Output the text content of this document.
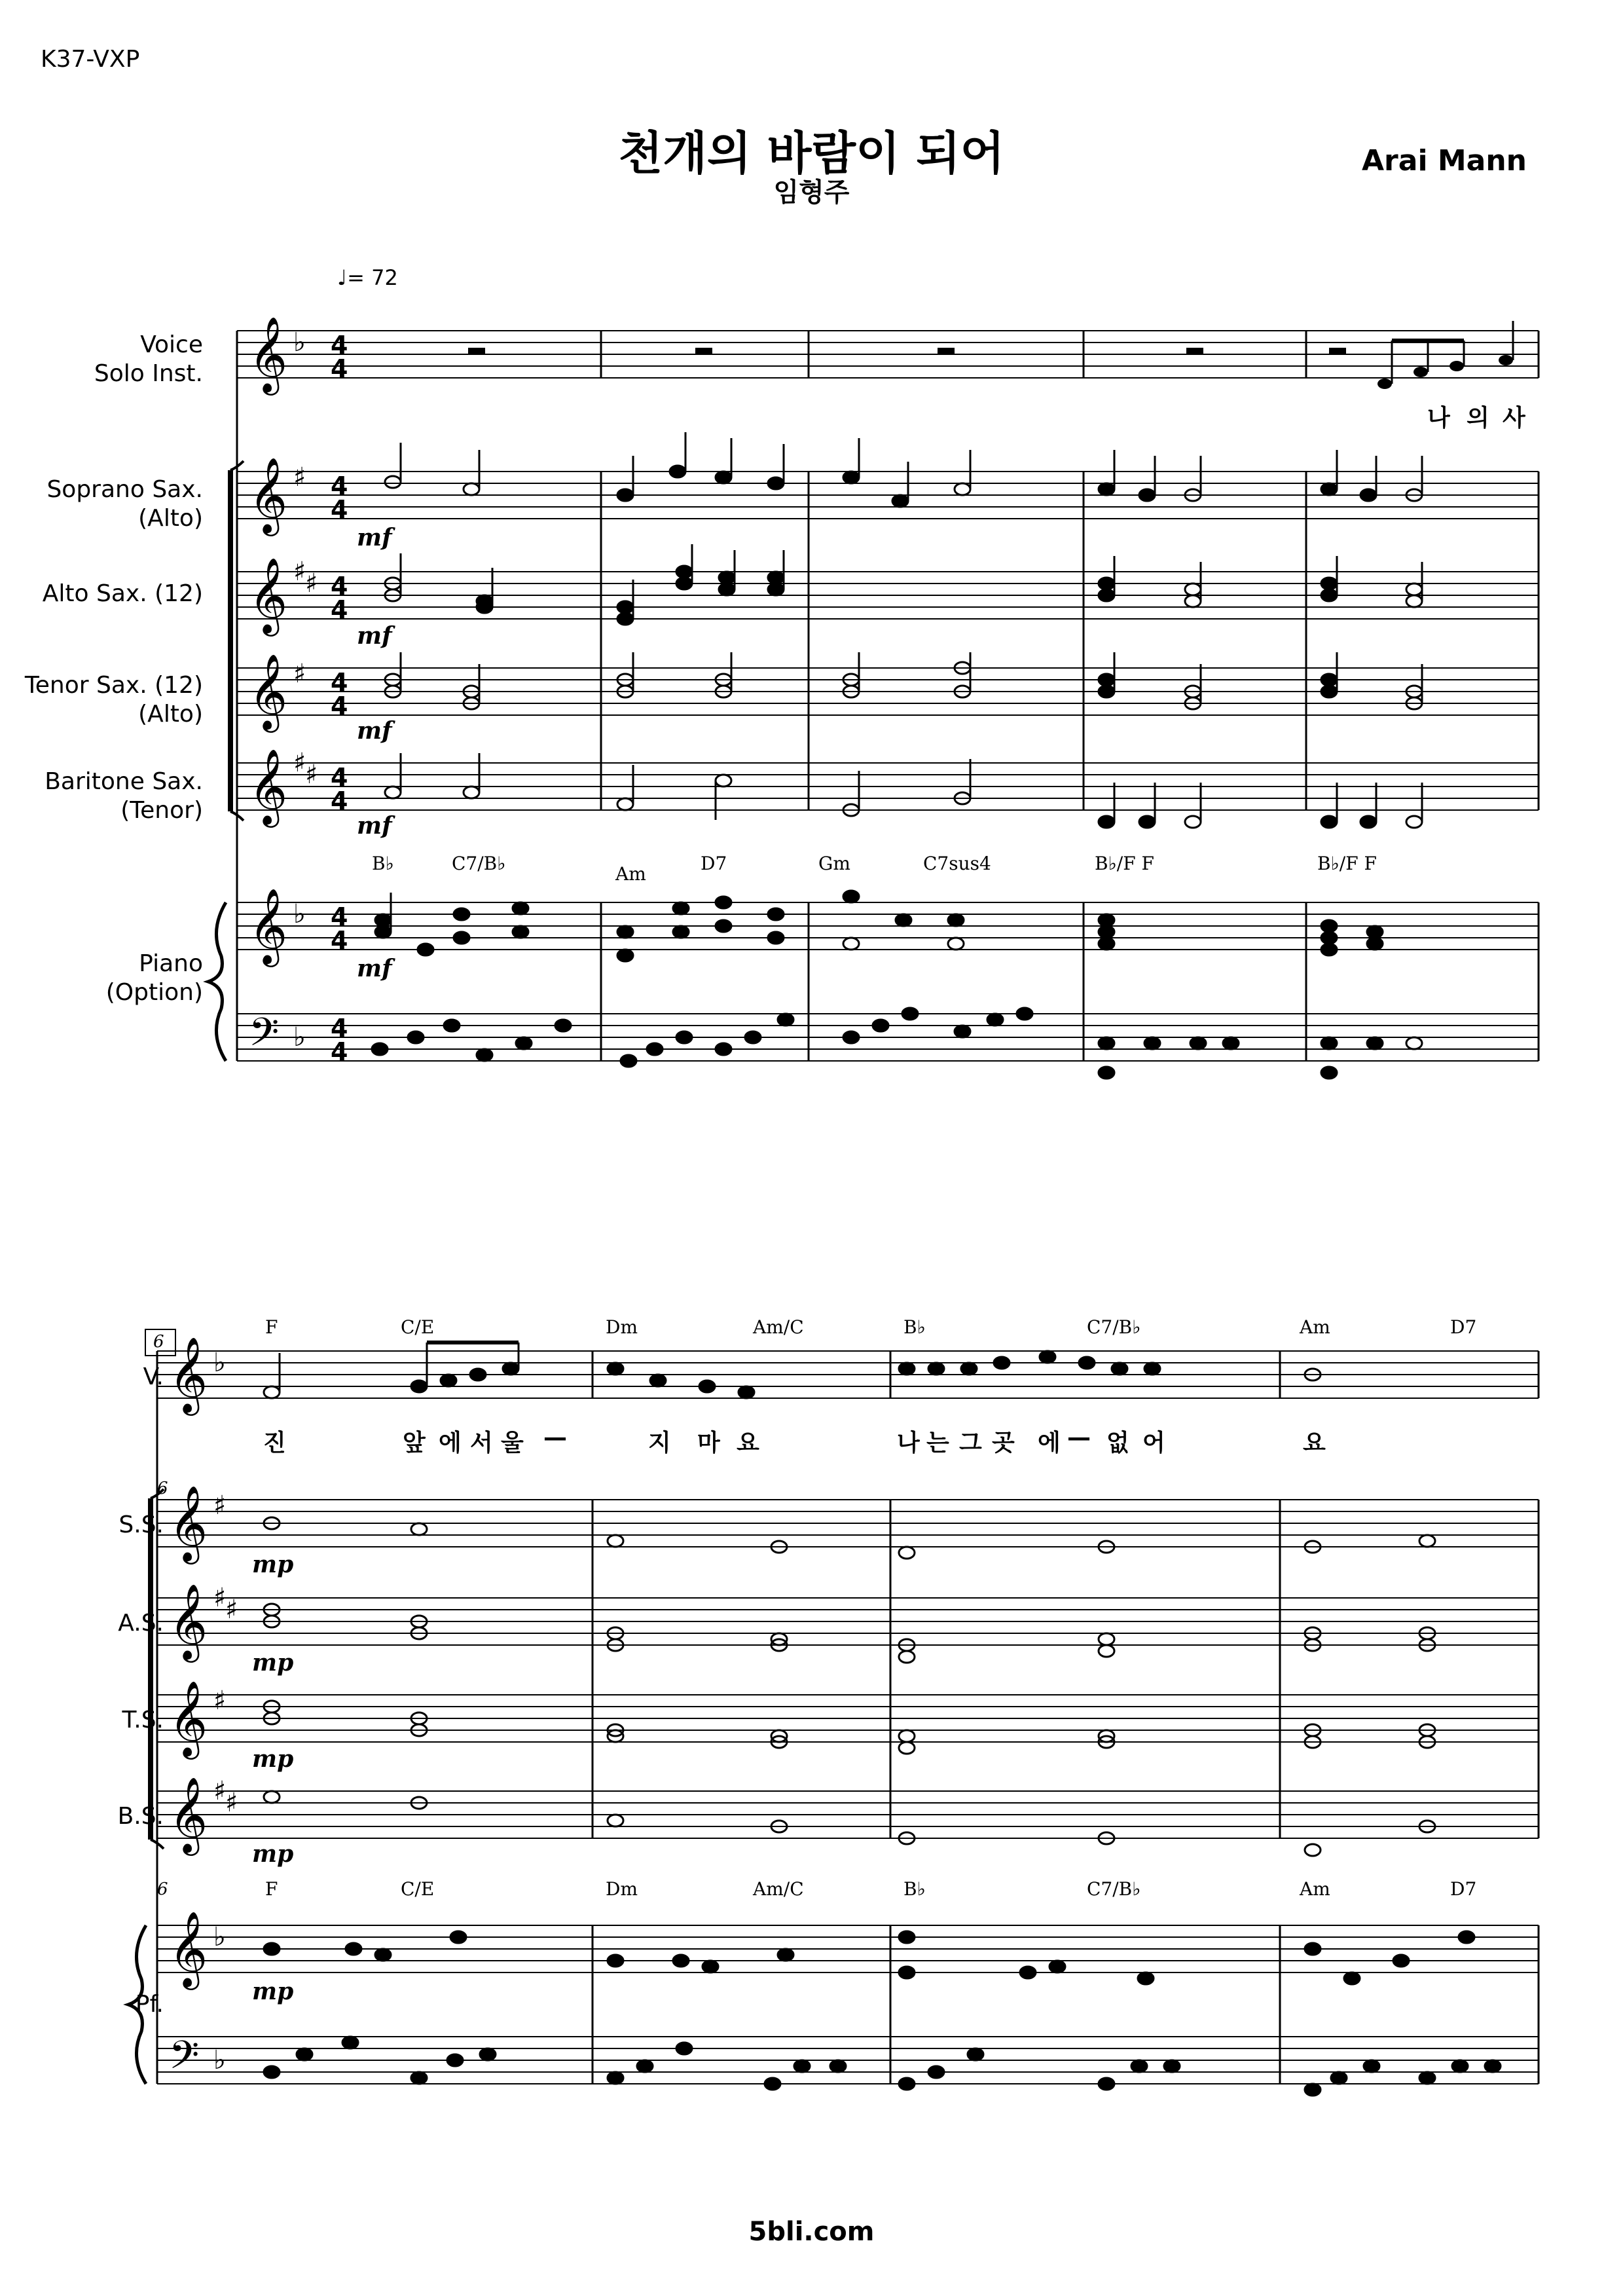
K37-VXP
천개의 바람이 되어
임형주
Arai Mann
♩= 72
𝄞
𝄞
𝄞
𝄞
𝄞
𝄞
𝄢
♭
♯
♯
♯
♯
♯
♯
♭
♭
4
4
4
4
4
4
4
4
4
4
4
4
4
4
𝄞
𝄞
𝄞
𝄞
𝄞
𝄞
𝄢
♭
♯
♯
♯
♯
♯
♯
♭
♭
Voice
Solo Inst.
Soprano Sax.
(Alto)
Alto Sax. (12)
Tenor Sax. (12)
(Alto)
Baritone Sax.
(Tenor)
Piano
(Option)
B♭	C7/B♭	Am	D7	Gm	C7sus4	B♭/F F	B♭/F F
나 의 사
mf
mf
mf
mf
mf
6
6
6
V.
S.S.
A.S.
T.S.
B.S.
Pf.
F	C/E	Dm	Am/C	B♭	C7/B♭	Am	D7
F	C/E	Dm	Am/C	B♭	C7/B♭	Am	D7
진	앞 에 서 울 —	지 마 요	나 는 그 곳 에 — 없 어	요
mp
mp
mp
mp
mp
5bli.com
